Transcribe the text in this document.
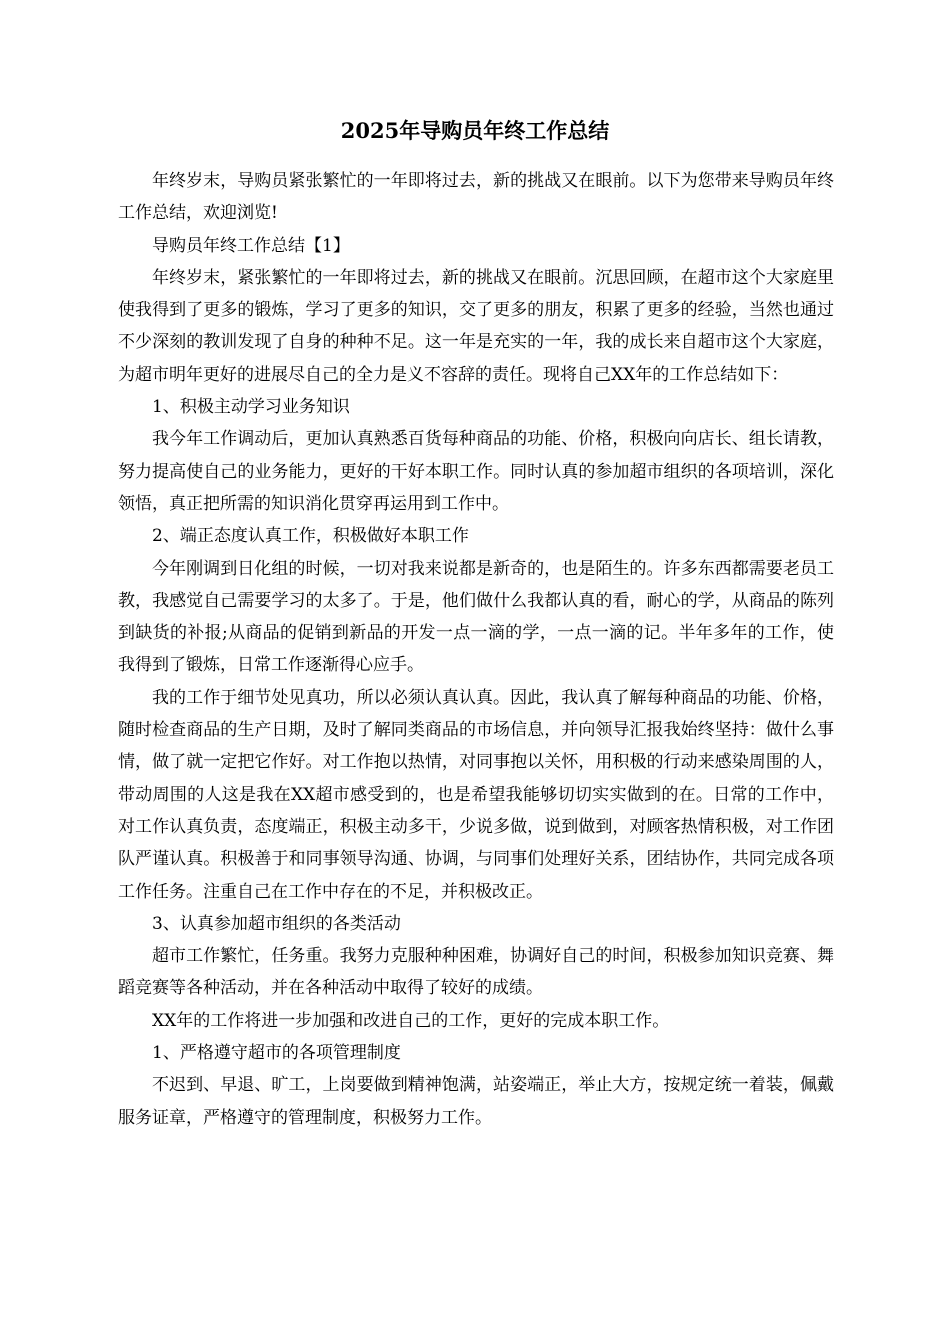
2025年导购员年终工作总结

年终岁末，导购员紧张繁忙的一年即将过去，新的挑战又在眼前。以下为您带来导购员年终工作总结，欢迎浏览!

导购员年终工作总结【1】

年终岁末，紧张繁忙的一年即将过去，新的挑战又在眼前。沉思回顾，在超市这个大家庭里使我得到了更多的锻炼，学习了更多的知识，交了更多的朋友，积累了更多的经验，当然也通过不少深刻的教训发现了自身的种种不足。这一年是充实的一年，我的成长来自超市这个大家庭，为超市明年更好的进展尽自己的全力是义不容辞的责任。现将自己XX年的工作总结如下：

1、积极主动学习业务知识

我今年工作调动后，更加认真熟悉百货每种商品的功能、价格，积极向向店长、组长请教，努力提高使自己的业务能力，更好的干好本职工作。同时认真的参加超市组织的各项培训，深化领悟，真正把所需的知识消化贯穿再运用到工作中。

2、端正态度认真工作，积极做好本职工作

今年刚调到日化组的时候，一切对我来说都是新奇的，也是陌生的。许多东西都需要老员工教，我感觉自己需要学习的太多了。于是，他们做什么我都认真的看，耐心的学，从商品的陈列到缺货的补报;从商品的促销到新品的开发一点一滴的学，一点一滴的记。半年多年的工作，使我得到了锻炼，日常工作逐渐得心应手。

我的工作于细节处见真功，所以必须认真认真。因此，我认真了解每种商品的功能、价格，随时检查商品的生产日期，及时了解同类商品的市场信息，并向领导汇报我始终坚持：做什么事情，做了就一定把它作好。对工作抱以热情，对同事抱以关怀，用积极的行动来感染周围的人，带动周围的人这是我在XX超市感受到的，也是希望我能够切切实实做到的在。日常的工作中，对工作认真负责，态度端正，积极主动多干，少说多做，说到做到，对顾客热情积极，对工作团队严谨认真。积极善于和同事领导沟通、协调，与同事们处理好关系，团结协作，共同完成各项工作任务。注重自己在工作中存在的不足，并积极改正。

3、认真参加超市组织的各类活动

超市工作繁忙，任务重。我努力克服种种困难，协调好自己的时间，积极参加知识竞赛、舞蹈竞赛等各种活动，并在各种活动中取得了较好的成绩。

XX年的工作将进一步加强和改进自己的工作，更好的完成本职工作。

1、严格遵守超市的各项管理制度

不迟到、早退、旷工，上岗要做到精神饱满，站姿端正，举止大方，按规定统一着装，佩戴服务证章，严格遵守的管理制度，积极努力工作。
